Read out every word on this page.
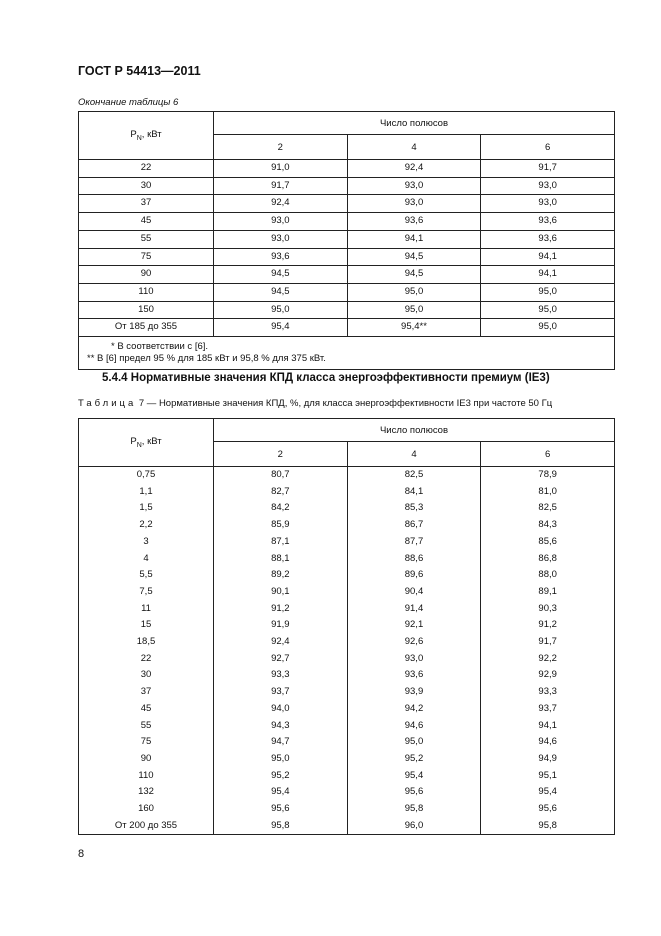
ГОСТ Р 54413—2011
Окончание таблицы 6
$P_N$, кВт	Число полюсов		
	2	4	6
22	91,0	92,4	91,7
30	91,7	93,0	93,0
37	92,4	93,0	93,0
45	93,0	93,6	93,6
55	93,0	94,1	93,6
75	93,6	94,5	94,1
90	94,5	94,5	94,1
110	94,5	95,0	95,0
150	95,0	95,0	95,0
От 185 до 355	95,4	95,4**	95,0

* В соответствии с [6].
** В [6] предел 95 % для 185 кВт и 95,8 % для 375 кВт.			
5.4.4 Нормативные значения КПД класса энергоэффективности премиум (IE3)
Таблица 7 — Нормативные значения КПД, %, для класса энергоэффективности IE3 при частоте 50 Гц
$P_N$, кВт	Число полюсов		
	2	4	6
0,75	80,7	82,5	78,9
1,1	82,7	84,1	81,0
1,5	84,2	85,3	82,5
2,2	85,9	86,7	84,3
3	87,1	87,7	85,6
4	88,1	88,6	86,8
5,5	89,2	89,6	88,0
7,5	90,1	90,4	89,1
11	91,2	91,4	90,3
15	91,9	92,1	91,2
18,5	92,4	92,6	91,7
22	92,7	93,0	92,2
30	93,3	93,6	92,9
37	93,7	93,9	93,3
45	94,0	94,2	93,7
55	94,3	94,6	94,1
75	94,7	95,0	94,6
90	95,0	95,2	94,9
110	95,2	95,4	95,1
132	95,4	95,6	95,4
160	95,6	95,8	95,6
От 200 до 355	95,8	96,0	95,8
8
